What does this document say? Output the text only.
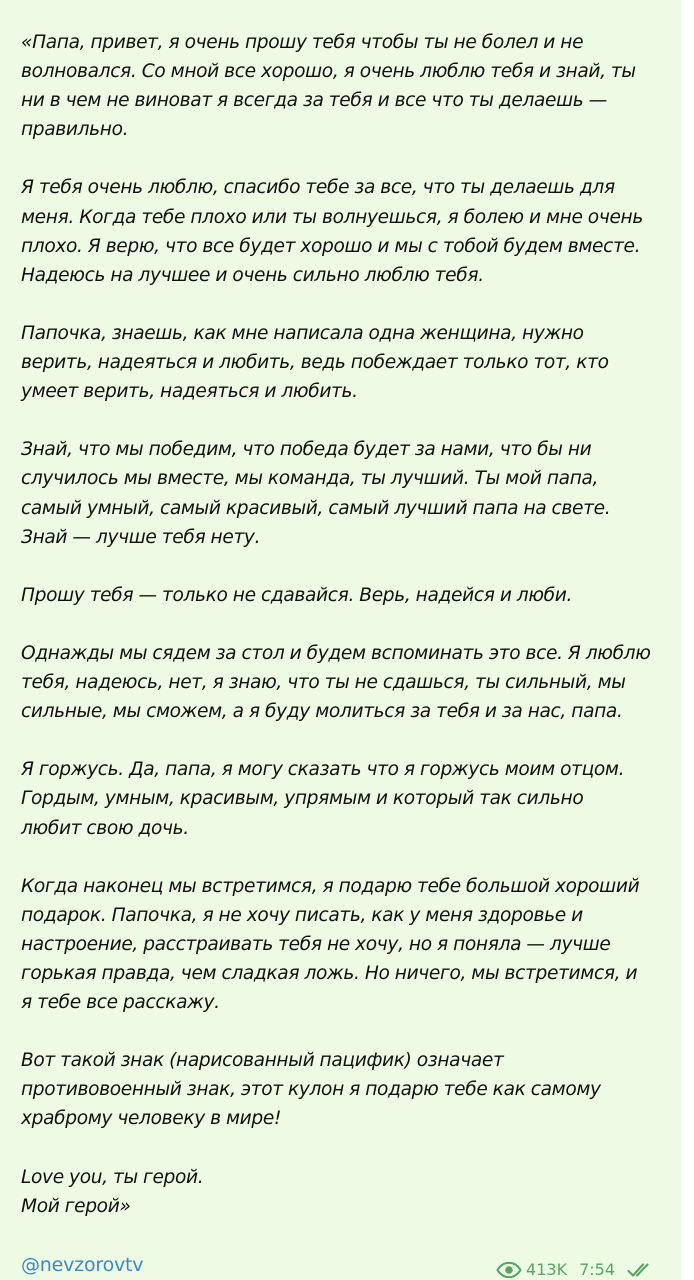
«Папа, привет, я очень прошу тебя чтобы ты не болел и не
волновался. Со мной все хорошо, я очень люблю тебя и знай, ты
ни в чем не виноват я всегда за тебя и все что ты делаешь —
правильно.

Я тебя очень люблю, спасибо тебе за все, что ты делаешь для
меня. Когда тебе плохо или ты волнуешься, я болею и мне очень
плохо. Я верю, что все будет хорошо и мы с тобой будем вместе.
Надеюсь на лучшее и очень сильно люблю тебя.

Папочка, знаешь, как мне написала одна женщина, нужно
верить, надеяться и любить, ведь побеждает только тот, кто
умеет верить, надеяться и любить.

Знай, что мы победим, что победа будет за нами, что бы ни
случилось мы вместе, мы команда, ты лучший. Ты мой папа,
самый умный, самый красивый, самый лучший папа на свете.
Знай — лучше тебя нету.

Прошу тебя — только не сдавайся. Верь, надейся и люби.

Однажды мы сядем за стол и будем вспоминать это все. Я люблю
тебя, надеюсь, нет, я знаю, что ты не сдашься, ты сильный, мы
сильные, мы сможем, а я буду молиться за тебя и за нас, папа.

Я горжусь. Да, папа, я могу сказать что я горжусь моим отцом.
Гордым, умным, красивым, упрямым и который так сильно
любит свою дочь.

Когда наконец мы встретимся, я подарю тебе большой хороший
подарок. Папочка, я не хочу писать, как у меня здоровье и
настроение, расстраивать тебя не хочу, но я поняла — лучше
горькая правда, чем сладкая ложь. Но ничего, мы встретимся, и
я тебе все расскажу.

Вот такой знак (нарисованный пацифик) означает
противовоенный знак, этот кулон я подарю тебе как самому
храброму человеку в мире!

Love you, ты герой.
Мой герой»

@nevzorovtv	413K 7:54
